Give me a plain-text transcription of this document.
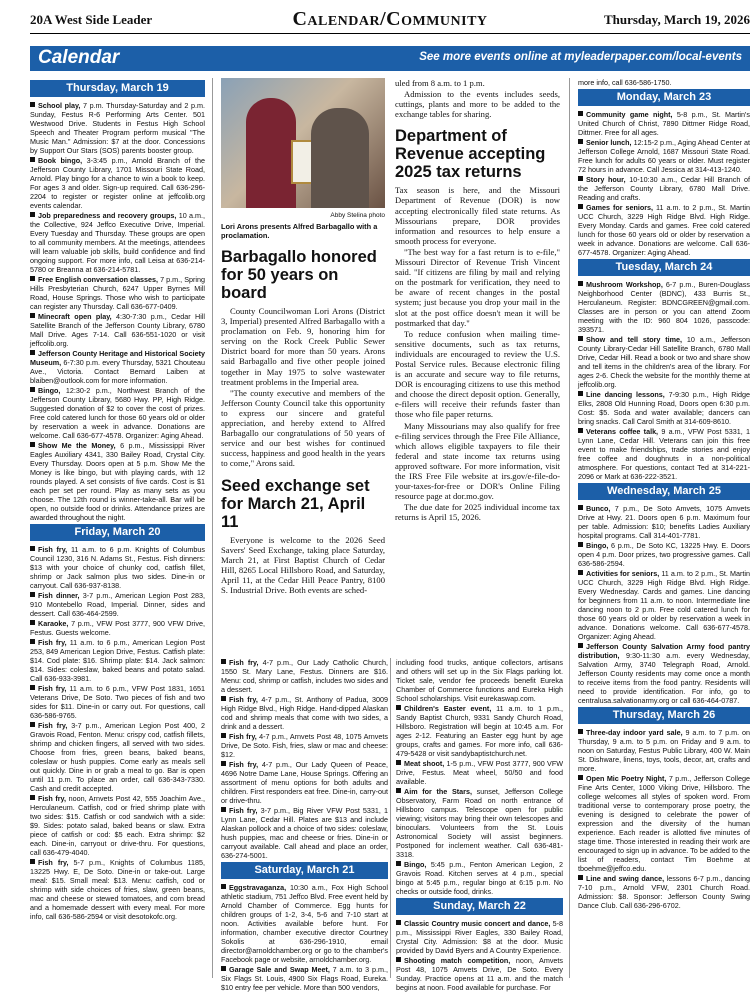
20A West Side Leader	Calendar/Community	Thursday, March 19, 2026
Calendar	See more events online at myleaderpaper.com/local-events
Thursday, March 19
School play, 7 p.m. Thursday-Saturday and 2 p.m. Sunday, Festus R-6 Performing Arts Center. 501 Westwood Drive. Students in Festus High School Speech and Theater Program perform musical "The Music Man." Admission: $7 at the door. Concessions by Support Our Stars (SOS) parents booster group.
Book bingo, 3-3:45 p.m., Arnold Branch of the Jefferson County Library, 1701 Missouri State Road, Arnold. Play bingo for a chance to win a book to keep. For ages 3 and older. Sign-up required. Call 636-296-2204 to register or register online at jeffcolib.org events calendar.
Job preparedness and recovery groups, 10 a.m., the Collective, 924 Jeffco Executive Drive, Imperial. Every Tuesday and Thursday. These groups are open to all community members. At the meetings, attendees will learn valuable job skills, build confidence and find ongoing support. For more info, call Leisa at 636-214-5780 or Breanna at 636-214-5781.
Free English conversation classes, 7 p.m., Spring Hills Presbyterian Church, 6247 Upper Byrnes Mill Road, House Springs. Those who wish to participate can register any Thursday. Call 636-677-0409.
Minecraft open play, 4:30-7:30 p.m., Cedar Hill Satellite Branch of the Jefferson County Library, 6780 Mall Drive. Ages 7-14. Call 636-551-1020 or visit jeffcolib.org.
Jefferson County Heritage and Historical Society Museum, 6-7:30 p.m. every Thursday, 5321 Chouteau Ave., Victoria. Contact Bernard Laiben at blaiben@outlook.com for more information.
Bingo, 12:30-2 p.m., Northwest Branch of the Jefferson County Library, 5680 Hwy. PP, High Ridge. Suggested donation of $2 to cover the cost of prizes. Free cold catered lunch for those 60 years old or older by reservation a week in advance. Donations are welcome. Call 636-677-4578. Organizer: Aging Ahead.
Show Me the Money, 6 p.m., Mississippi River Eagles Auxiliary 4341, 330 Bailey Road, Crystal City. Every Thursday. Doors open at 5 p.m. Show Me the Money is like bingo, but with playing cards, with 12 rounds played. A set consists of five cards. Cost is $1 each per set per round. Play as many sets as you choose. The 12th round is winner-take-all. Bar will be open, no outside food or drinks. Attendance prizes are awarded throughout the night.
Friday, March 20
Fish fry, 11 a.m. to 6 p.m. Knights of Columbus Council 1230, 316 N. Adams St., Festus. Fish dinners: $13 with your choice of chunky cod, catfish fillet, shrimp or Jack salmon plus two sides. Dine-in or carryout. Call 636-937-8138.
Fish dinner, 3-7 p.m., American Legion Post 283, 910 Montebello Road, Imperial. Dinner, sides and dessert. Call 636-464-2599.
Karaoke, 7 p.m., VFW Post 3777, 900 VFW Drive, Festus. Guests welcome.
Fish fry, 11 a.m. to 6 p.m., American Legion Post 253, 849 American Legion Drive, Festus. Catfish plate: $14. Cod plate: $16. Shrimp plate: $14. Jack salmon: $14. Sides: coleslaw, baked beans and potato salad. Call 636-933-3981.
Fish fry, 11 a.m. to 6 p.m., VFW Post 1831, 1651 Veterans Drive, De Soto. Two pieces of fish and two sides for $11. Dine-in or carry out. For questions, call 636-586-9765.
Fish fry, 3-7 p.m., American Legion Post 400, 2 Gravois Road, Fenton. Menu: crispy cod, catfish fillets, shrimp and chicken fingers, all served with two sides. Choose from fries, green beans, baked beans, coleslaw or hush puppies. Come early as meals sell out quickly. Dine in or grab a meal to go. Bar is open until 11 p.m. To place an order, call 636-343-7330. Cash and credit accepted.
Fish fry, noon, Arnvets Post 42, 555 Joachim Ave., Herculaneum. Catfish, cod or fried shrimp plate with two sides: $15. Catfish or cod sandwich with a side: $9. Sides: potato salad, baked beans or slaw. Extra piece of catfish or cod: $5 each. Extra shrimp: $2 each. Dine-in, carryout or drive-thru. For questions, call 636-479-4040.
Fish fry, 5-7 p.m., Knights of Columbus 1185, 13225 Hwy. E, De Soto. Dine-in or take-out. Large meal: $15. Small meal: $13. Menu: catfish, cod or shrimp with side choices of fries, slaw, green beans, mac and cheese or stewed tomatoes, and corn bread and a homemade dessert with every meal. For more info, call 636-586-2594 or visit desotokofc.org.
Abby Stelina photo
Lori Arons presents Alfred Barbagallo with a proclamation.
Barbagallo honored for 50 years on board

County Councilwoman Lori Arons (District 3, Imperial) presented Alfred Barbagallo with a proclamation on Feb. 9, honoring him for serving on the Rock Creek Public Sewer District board for more than 50 years. Arons said Barbagallo and five other people joined together in May 1975 to solve wastewater treatment problems in the Imperial area.

"The county executive and members of the Jefferson County Council take this opportunity to express our sincere and grateful appreciation, and hereby extend to Alfred Barbagallo our congratulations of 50 years of service and our best wishes for continued success, happiness and good health in the years to come," Arons said.

Seed exchange set for March 21, April 11

Everyone is welcome to the 2026 Seed Savers' Seed Exchange, taking place Saturday, March 21, at First Baptist Church of Cedar Hill, 8265 Local Hillsboro Road, and Saturday, April 11, at the Cedar Hill Peace Pantry, 8100 S. Industrial Drive. Both events are sched-

uled from 8 a.m. to 1 p.m.

Admission to the events includes seeds, cuttings, plants and more to be added to the exchange tables for sharing.

Department of Revenue accepting 2025 tax returns

Tax season is here, and the Missouri Department of Revenue (DOR) is now accepting electronically filed state returns. As Missourians prepare, DOR provides information and resources to help ensure a smooth process for everyone.

"The best way for a fast return is to e-file," Missouri Director of Revenue Trish Vincent said. "If citizens are filing by mail and relying on the postmark for verification, they need to be aware of recent changes in the postal system; just because you drop your mail in the slot at the post office doesn't mean it will be postmarked that day."

To reduce confusion when mailing time-sensitive documents, such as tax returns, individuals are encouraged to review the U.S. Postal Service rules. Because electronic filing is an accurate and secure way to file returns, DOR is encouraging citizens to use this method and choose the direct deposit option. Generally, e-filers will receive their refunds faster than those who file paper returns.

Many Missourians may also qualify for free e-filing services through the Free File Alliance, which allows eligible taxpayers to file their federal and state income tax returns using approved software. For more information, visit the IRS Free File website at irs.gov/e-file-do-your-taxes-for-free or DOR's Online Filing resource page at dor.mo.gov.

The due date for 2025 individual income tax returns is April 15, 2026.

Fish fry, 4-7 p.m., Our Lady Catholic Church, 1550 St. Mary Lane, Festus. Dinners are $16. Menu: cod, shrimp or catfish, includes two sides and a dessert.
Fish fry, 4-7 p.m., St. Anthony of Padua, 3009 High Ridge Blvd., High Ridge. Hand-dipped Alaskan cod and shrimp meals that come with two sides, a drink and a dessert.
Fish fry, 4-7 p.m., Arnvets Post 48, 1075 Arnvets Drive, De Soto. Fish, fries, slaw or mac and cheese: $12.
Fish fry, 4-7 p.m., Our Lady Queen of Peace, 4696 Notre Dame Lane, House Springs. Offering an assortment of menu options for both adults and children. First responders eat free. Dine-in, carry-out or drive-thru.
Fish fry, 3-7 p.m., Big River VFW Post 5331, 1 Lynn Lane, Cedar Hill. Plates are $13 and include Alaskan pollock and a choice of two sides: coleslaw, hush puppies, mac and cheese or fries. Dine-in or carryout available. Call ahead and place an order, 636-274-5001.
Saturday, March 21
Eggstravaganza, 10:30 a.m., Fox High School athletic stadium, 751 Jeffco Blvd. Free event held by Arnold Chamber of Commerce. Egg hunts for children groups of 1-2, 3-4, 5-6 and 7-10 start at noon. Activities available before hunt. For information, chamber executive director Courtney Sokolis at 636-296-1910, email director@arnoldchamber.org or go to the chamber's Facebook page or website, arnoldchamber.org.
Garage Sale and Swap Meet, 7 a.m. to 3 p.m., Six Flags St. Louis, 4900 Six Flags Road, Eureka. $10 entry fee per vehicle. More than 500 vendors,
including food trucks, antique collectors, artisans and others will set up in the Six Flags parking lot. Ticket sale, vendor fee proceeds benefit Eureka Chamber of Commerce functions and Eureka High School scholarships. Visit eurekaswap.com.
Children's Easter event, 11 a.m. to 1 p.m., Sandy Baptist Church, 9331 Sandy Church Road, Hillsboro. Registration will begin at 10:45 a.m. For ages 2-12. Featuring an Easter egg hunt by age groups, crafts and games. For more info, call 636-479-5428 or visit sandybaptistchurch.net.
Meat shoot, 1-5 p.m., VFW Post 3777, 900 VFW Drive, Festus. Meat wheel, 50/50 and food available.
Aim for the Stars, sunset, Jefferson College Observatory, Farm Road on north entrance of Hillsboro campus. Telescope open for public viewing; visitors may bring their own telescopes and binoculars. Volunteers from the St. Louis Astronomical Society will assist beginners. Postponed for inclement weather. Call 636-481-3318.
Bingo, 5:45 p.m., Fenton American Legion, 2 Gravois Road. Kitchen serves at 4 p.m., special bingo at 5:45 p.m., regular bingo at 6:15 p.m. No checks or outside food, drinks.
Sunday, March 22
Classic Country music concert and dance, 5-8 p.m., Mississippi River Eagles, 330 Bailey Road, Crystal City. Admission: $8 at the door. Music provided by David Byers and A Country Experience.
Shooting match competition, noon, Amvets Post 48, 1075 Amvets Drive, De Soto. Every Sunday. Practice opens at 11 a.m. and the match begins at noon. Food available for purchase. For
more info, call 636-586-1750.
Monday, March 23
Community game night, 5-8 p.m., St. Martin's United Church of Christ, 7890 Dittmer Ridge Road, Dittmer. Free for all ages.
Senior lunch, 12:15-2 p.m., Aging Ahead Center at Jefferson College Arnold, 1687 Missouri State Road. Free lunch for adults 60 years or older. Must register 72 hours in advance. Call Jessica at 314-413-1240.
Story hour, 10-10:30 a.m., Cedar Hill Branch of the Jefferson County Library, 6780 Mall Drive. Reading and crafts.
Games for seniors, 11 a.m. to 2 p.m., St. Martin UCC Church, 3229 High Ridge Blvd. High Ridge. Every Monday. Cards and games. Free cold catered lunch for those 60 years old or older by reservation a week in advance. Donations are welcome. Call 636-677-4578. Organizer: Aging Ahead.
Tuesday, March 24
Mushroom Workshop, 6-7 p.m., Buren-Douglass Neighborhood Center (BDNC), 433 Burris St., Herculaneum. Register: BDNCGREEN@gmail.com. Classes are in person or you can attend Zoom meeting with the ID: 960 804 1026, passcode: 393571.
Show and tell story time, 10 a.m., Jefferson County Library-Cedar Hill Satellite Branch, 6780 Mall Drive, Cedar Hill. Read a book or two and share show and tell items in the children's area of the library. For ages 2-6. Check the website for the monthly theme at jeffcolib.org.
Line dancing lessons, 7-9:30 p.m., High Ridge Elks, 2808 Old Hunning Road, Doors open 6:30 p.m. Cost: $5. Soda and water available; dancers can bring snacks. Call Carol Smith at 314-609-8610.
Veterans coffee talk, 9 a.m., VFW Post 5331, 1 Lynn Lane, Cedar Hill. Veterans can join this free event to make friendships, trade stories and enjoy free coffee and doughnuts in a non-political atmosphere. For questions, contact Ted at 314-221-2096 or Mark at 636-222-3521.
Wednesday, March 25
Bunco, 7 p.m., De Soto Amvets, 1075 Amvets Drive at Hwy. 21. Doors open 6 p.m. Maximum four per table. Admission: $10; benefits Ladies Auxiliary hospital programs. Call 314-401-7781.
Bingo, 6 p.m., De Soto KC, 13225 Hwy. E. Doors open 4 p.m. Door prizes, two progressive games. Call 636-586-2594.
Activities for seniors, 11 a.m. to 2 p.m., St. Martin UCC Church, 3229 High Ridge Blvd. High Ridge. Every Wednesday. Cards and games. Line dancing for beginners from 11 a.m. to noon. Intermediate line dancing noon to 2 p.m. Free cold catered lunch for those 60 years old or older by reservation a week in advance. Donations welcome. Call 636-677-4578. Organizer: Aging Ahead.
Jefferson County Salvation Army food pantry distribution, 9:30-11:30 a.m. every Wednesday, Salvation Army, 3740 Telegraph Road, Arnold. Jefferson County residents may come once a month to receive items from the food pantry. Residents will need to provide identification. For info, go to centralusa.salvationarmy.org or call 636-464-0787.
Thursday, March 26
Three-day indoor yard sale, 9 a.m. to 7 p.m. on Thursday, 9 a.m. to 5 p.m. on Friday and 9 a.m. to noon on Saturday, Festus Public Library, 400 W. Main St. Dishware, linens, toys, tools, decor, art, crafts and more.
Open Mic Poetry Night, 7 p.m., Jefferson College Fine Arts Center, 1000 Viking Drive, Hillsboro. The college welcomes all styles of spoken word. From traditional verse to contemporary prose poetry, the evening is designed to celebrate the power of expression and the diversity of the human experience. Each reader is allotted five minutes of stage time. Those interested in reading their work are encouraged to sign up in advance. To be added to the list of readers, contact Tim Boehme at tboehme@jeffco.edu.
Line and swing dance, lessons 6-7 p.m., dancing 7-10 p.m., Arnold VFW, 2301 Church Road. Admission: $8. Sponsor: Jefferson County Swing Dance Club. Call 636-296-6702.
